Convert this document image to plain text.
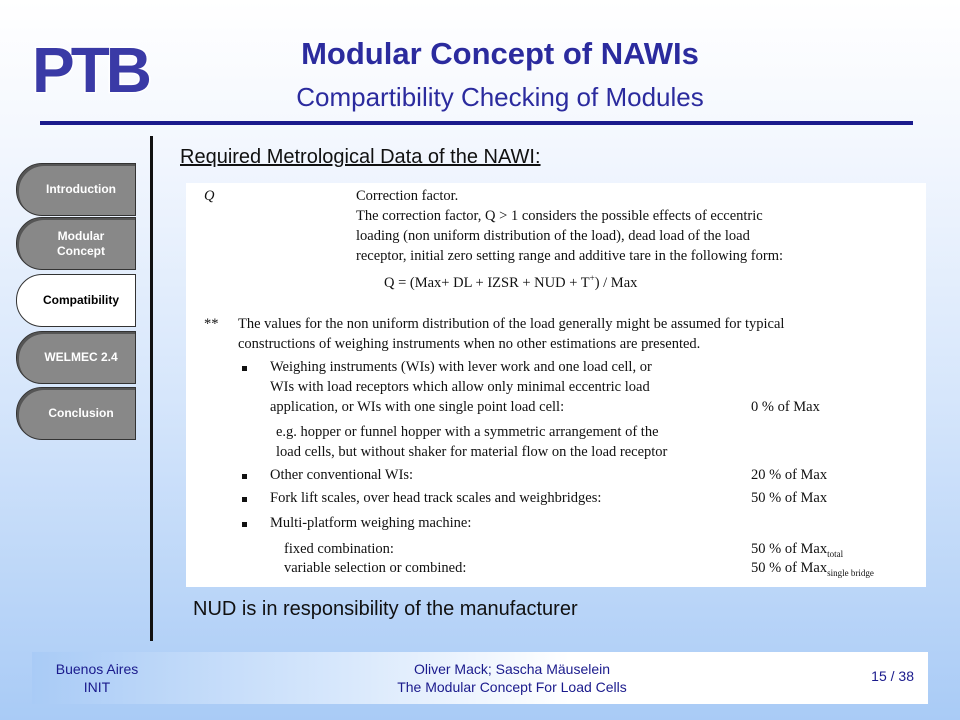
PTB	Modular Concept of NAWIs
Compartibility Checking of Modules
Introduction
Modular
Concept
Compatibility
WELMEC 2.4
Conclusion
Required Metrological Data of the NAWI:
Q	Correction factor.
The correction factor, Q > 1 considers the possible effects of eccentric
loading (non uniform distribution of the load), dead load of the load
receptor, initial zero setting range and additive tare in the following form:
Q = (Max+ DL + IZSR + NUD + T+) / Max
** The values for the non uniform distribution of the load generally might be assumed for typical
constructions of weighing instruments when no other estimations are presented.
Weighing instruments (WIs) with lever work and one load cell, or
WIs with load receptors which allow only minimal eccentric load
application, or WIs with one single point load cell:	0 % of Max
e.g. hopper or funnel hopper with a symmetric arrangement of the
load cells, but without shaker for material flow on the load receptor
Other conventional WIs:	20 % of Max
Fork lift scales, over head track scales and weighbridges:	50 % of Max
Multi-platform weighing machine:
fixed combination:	50 % of Max$_{total}$
variable selection or combined:	50 % of Max$_{single bridge}$
NUD is in responsibility of the manufacturer
Buenos Aires
INIT
Oliver Mack; Sascha Mäuselein
The Modular Concept For Load Cells
15 / 38
